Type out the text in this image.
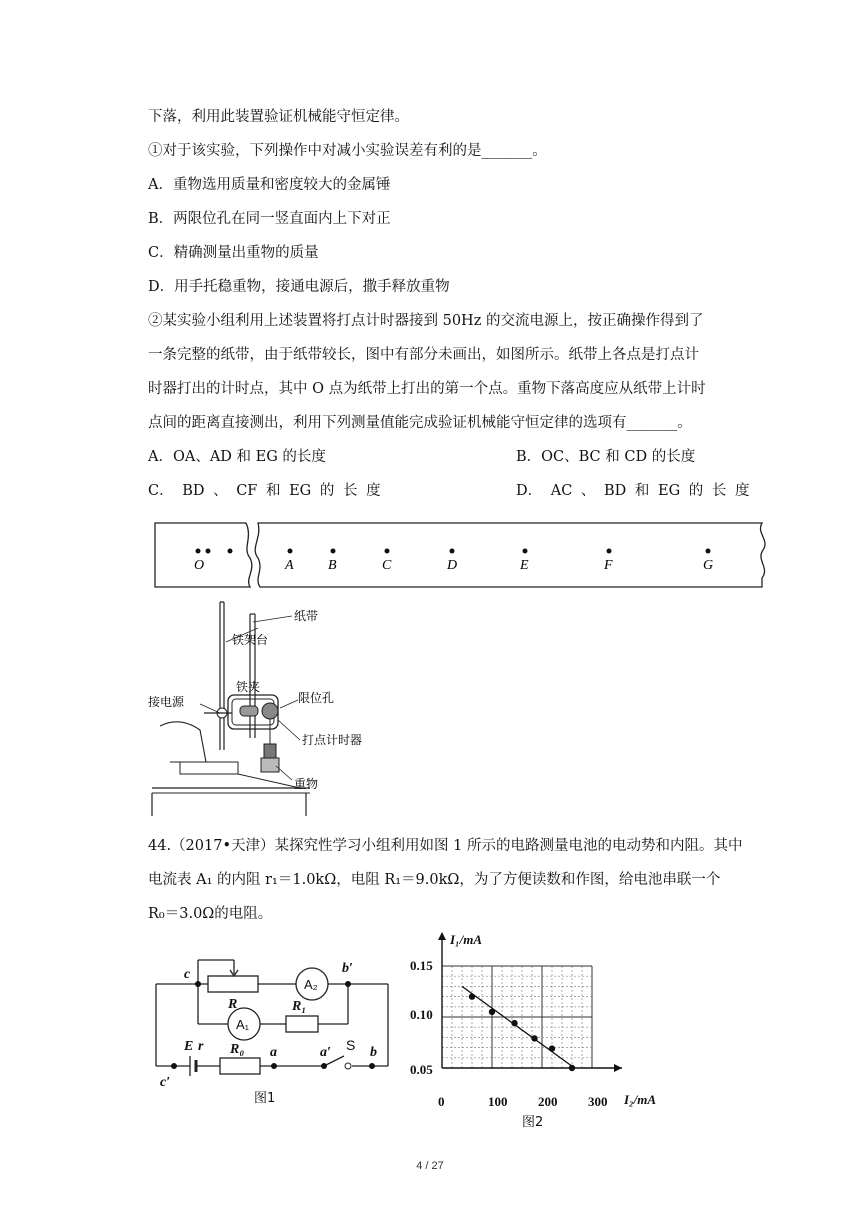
下落，利用此装置验证机械能守恒定律。
①对于该实验，下列操作中对减小实验误差有利的是_______。
A．重物选用质量和密度较大的金属锤
B．两限位孔在同一竖直面内上下对正
C．精确测量出重物的质量
D．用手托稳重物，接通电源后，撒手释放重物
②某实验小组利用上述装置将打点计时器接到 50Hz 的交流电源上，按正确操作得到了
一条完整的纸带，由于纸带较长，图中有部分未画出，如图所示。纸带上各点是打点计
时器打出的计时点，其中 O 点为纸带上打出的第一个点。重物下落高度应从纸带上计时
点间的距离直接测出，利用下列测量值能完成验证机械能守恒定律的选项有_______。
A．OA、AD 和 EG 的长度	B．OC、BC 和 CD 的长度
C． BD 、 CF 和 EG 的 长 度	D． AC 、 BD 和 EG 的 长 度
O	A B	C	D	E	F	G
纸带
铁架台
接电源
铁夹
限位孔
打点计时器
重物
44.（2017•天津）某探究性学习小组利用如图 1 所示的电路测量电池的电动势和内阻。其中
电流表 A₁ 的内阻 r₁＝1.0kΩ，电阻 R₁＝9.0kΩ，为了方便读数和作图，给电池串联一个
R₀＝3.0Ω的电阻。
c	b′
R	R₁
c′
E r R₀ a	a′	b
S
A₂
A₁
图1
I₁/mA
I₂/mA
0	100 200 300
0.15
0.10
0.05
图2
4 / 27
